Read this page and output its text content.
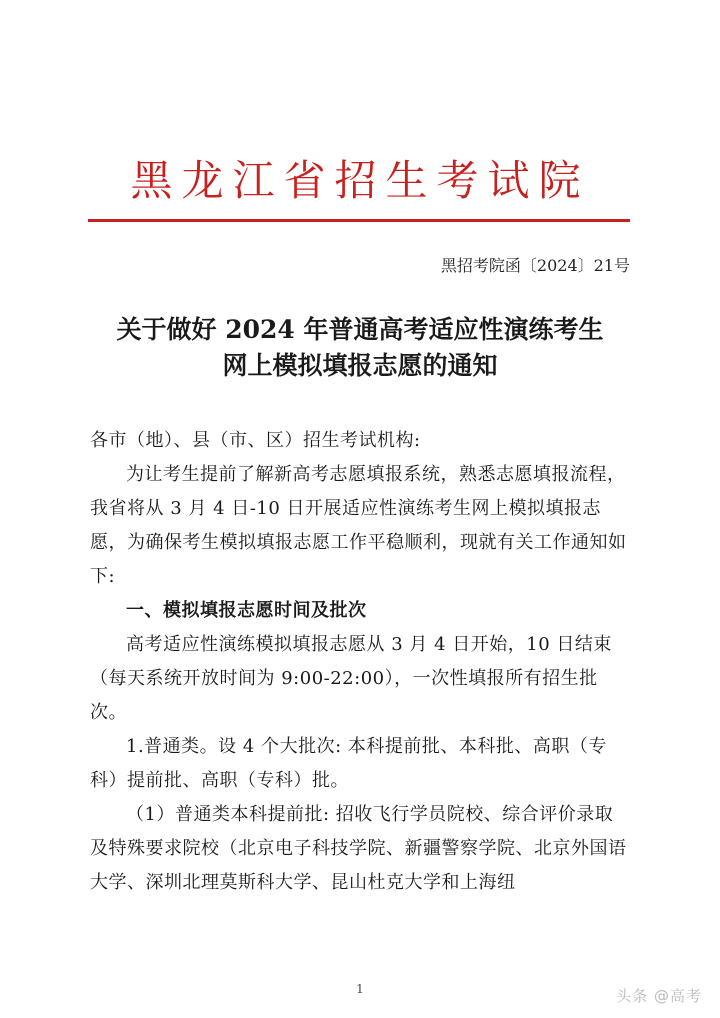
黑龙江省招生考试院
黑招考院函〔2024〕21号
关于做好 2024 年普通高考适应性演练考生
网上模拟填报志愿的通知

各市（地）、县（市、区）招生考试机构:

为让考生提前了解新高考志愿填报系统，熟悉志愿填报流程，我省将从 3 月 4 日-10 日开展适应性演练考生网上模拟填报志愿，为确保考生模拟填报志愿工作平稳顺利，现就有关工作通知如下:

一、模拟填报志愿时间及批次

高考适应性演练模拟填报志愿从 3 月 4 日开始，10 日结束（每天系统开放时间为 9:00-22:00），一次性填报所有招生批次。

1.普通类。设 4 个大批次: 本科提前批、本科批、高职（专科）提前批、高职（专科）批。

（1）普通类本科提前批: 招收飞行学员院校、综合评价录取及特殊要求院校（北京电子科技学院、新疆警察学院、北京外国语大学、深圳北理莫斯科大学、昆山杜克大学和上海纽

1	头条 @高考
